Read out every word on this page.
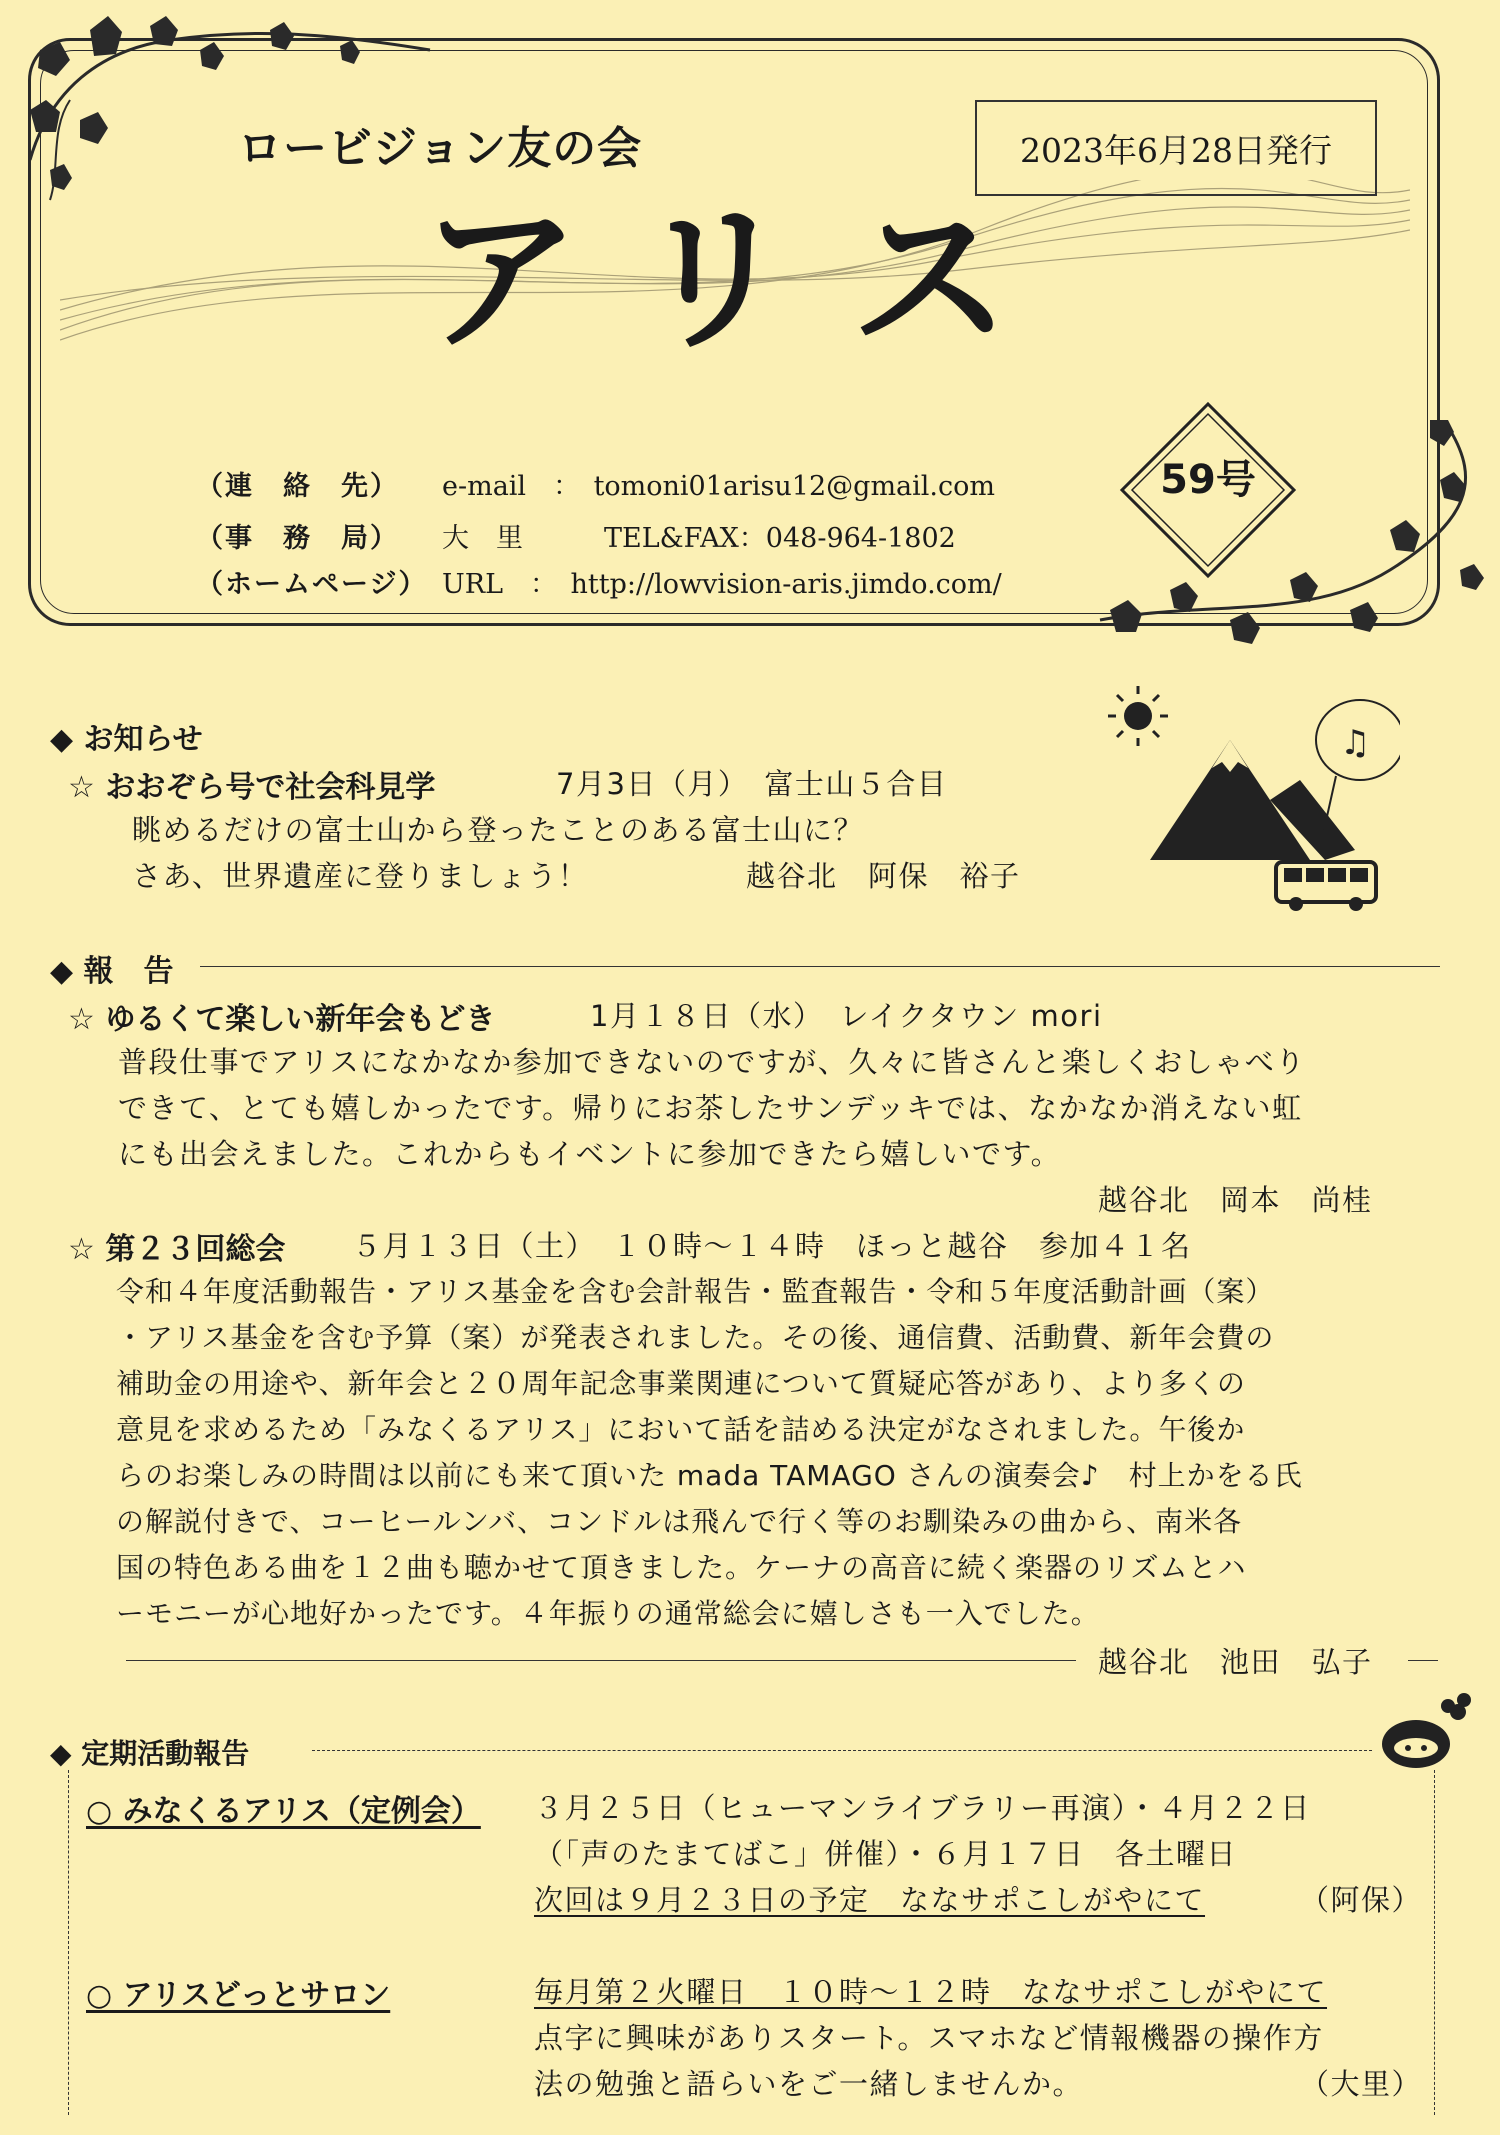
ロービジョン友の会	2023年6月28日発行
アリス
59号
（連　絡　先） e-mail　：　tomoni01arisu12@gmail.com
（事　務　局） 大　里　　　TEL&FAX：048-964-1802
（ホームページ） URL　：　http://lowvision-aris.jimdo.com/
◆ お知らせ
☆ おおぞら号で社会科見学	7月3日（月）　富士山５合目
眺めるだけの富士山から登ったことのある富士山に？
さあ、世界遺産に登りましょう！	越谷北　阿保　裕子
♫
◆ 報　告
☆ ゆるくて楽しい新年会もどき	1月１８日（水）　レイクタウン mori
普段仕事でアリスになかなか参加できないのですが、久々に皆さんと楽しくおしゃべり
できて、とても嬉しかったです。帰りにお茶したサンデッキでは、なかなか消えない虹
にも出会えました。これからもイベントに参加できたら嬉しいです。
越谷北　岡本　尚桂
☆ 第２３回総会 ５月１３日（土）　１０時～１４時　ほっと越谷　参加４１名
令和４年度活動報告・アリス基金を含む会計報告・監査報告・令和５年度活動計画（案）
・アリス基金を含む予算（案）が発表されました。その後、通信費、活動費、新年会費の
補助金の用途や、新年会と２０周年記念事業関連について質疑応答があり、より多くの
意見を求めるため「みなくるアリス」において話を詰める決定がなされました。午後か
らのお楽しみの時間は以前にも来て頂いた mada TAMAGO さんの演奏会♪　村上かをる氏
の解説付きで、コーヒールンバ、コンドルは飛んで行く等のお馴染みの曲から、南米各
国の特色ある曲を１２曲も聴かせて頂きました。ケーナの高音に続く楽器のリズムとハ
ーモニーが心地好かったです。４年振りの通常総会に嬉しさも一入でした。
越谷北　池田　弘子
◆ 定期活動報告
○ みなくるアリス（定例会） ３月２５日（ヒューマンライブラリー再演）・４月２２日
（「声のたまてばこ」併催）・６月１７日　各土曜日
次回は９月２３日の予定　ななサポこしがやにて	（阿保）
○ アリスどっとサロン	毎月第２火曜日　１０時～１２時　ななサポこしがやにて
点字に興味がありスタート。スマホなど情報機器の操作方
法の勉強と語らいをご一緒しませんか。	（大里）
